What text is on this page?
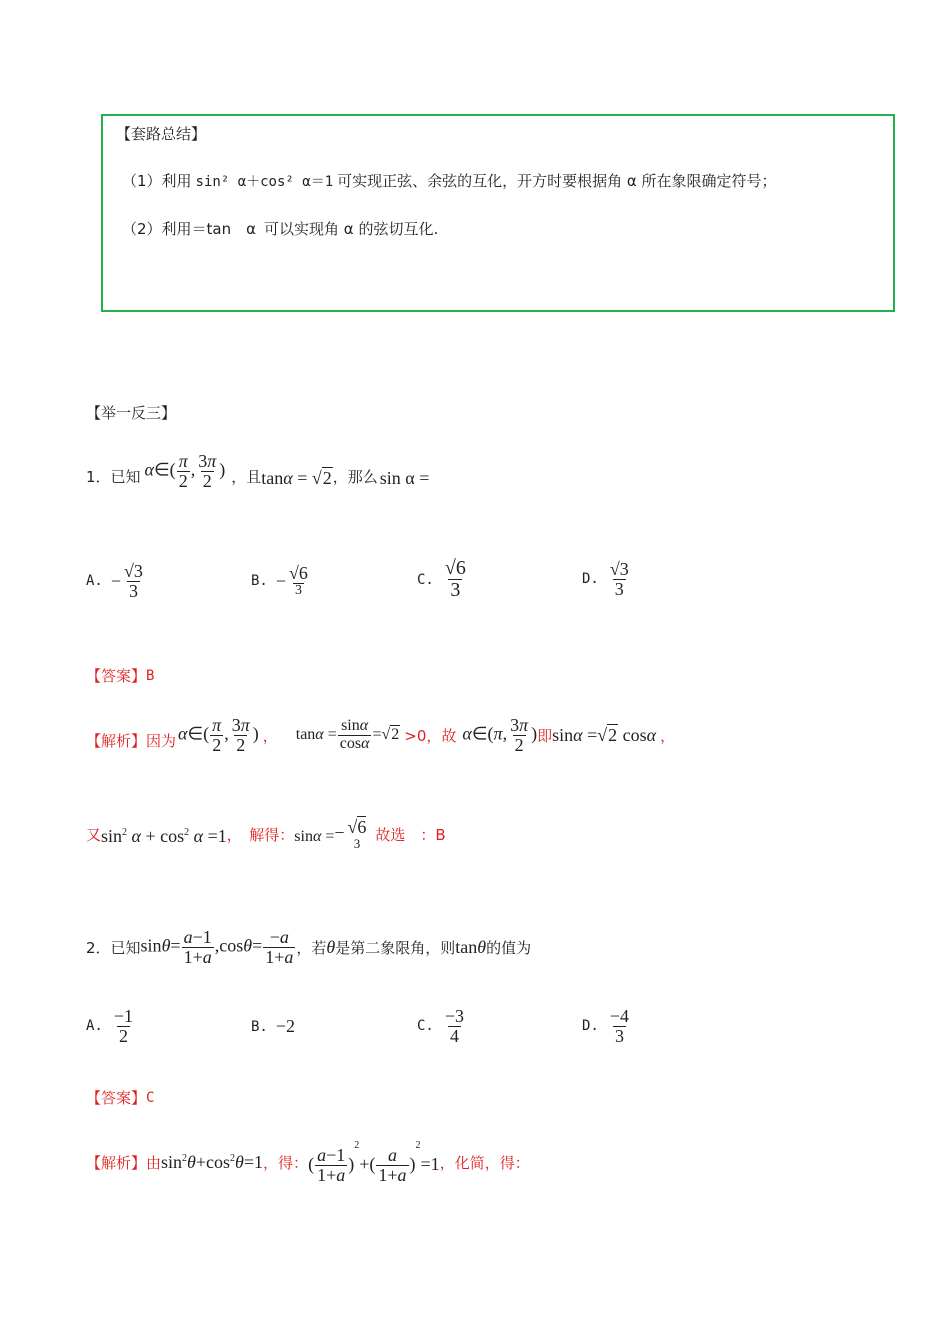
【套路总结】
（1）利用 sin² α＋cos² α＝1 可实现正弦、余弦的互化，开方时要根据角 α 所在象限确定符号；
（2）利用＝tan　α 可以实现角 α 的弦切互化.
【举一反三】
1．已知 α∈( $\frac{\pi}{2}$ , $\frac{3\pi}{2}$ ) ，且 tanα = √2 ，那么 sin α =
A. − $\frac{√3}{3}$	B. − $\frac{√6}{3}$	C. $\frac{√6}{3}$	D. $\frac{√3}{3}$
【答案】 B
【解析】 因为 α∈( $\frac{\pi}{2}$ , $\frac{3\pi}{2}$ ) ， $\tan\alpha = \frac{\sin\alpha}{\cos\alpha} =√2 >0$，故 α∈(π, $\frac{3\pi}{2}$ ) 即 sinα =√2 cosα ，
又 $\sin^2 \alpha + \cos^2 \alpha =1$ ，　解得： sinα = − √6
3 故选　：B
2．已知 $\sin\theta= \frac{a-1}{1+a} ,\cos\theta= \frac{-a}{1+a}$ ，若 θ 是第二象限角，则 tanθ 的值为
A. $\frac{-1}{2}$	B. −2	C. $\frac{-3}{4}$	D. $\frac{-4}{3}$
【答案】 C
【解析】 由 $\sin^2\theta+\cos^2\theta=1$ ，得： ( $\frac{a-1}{1+a} )^2+( \frac{a}{1+a} )^2=1$ ，化简，得：
